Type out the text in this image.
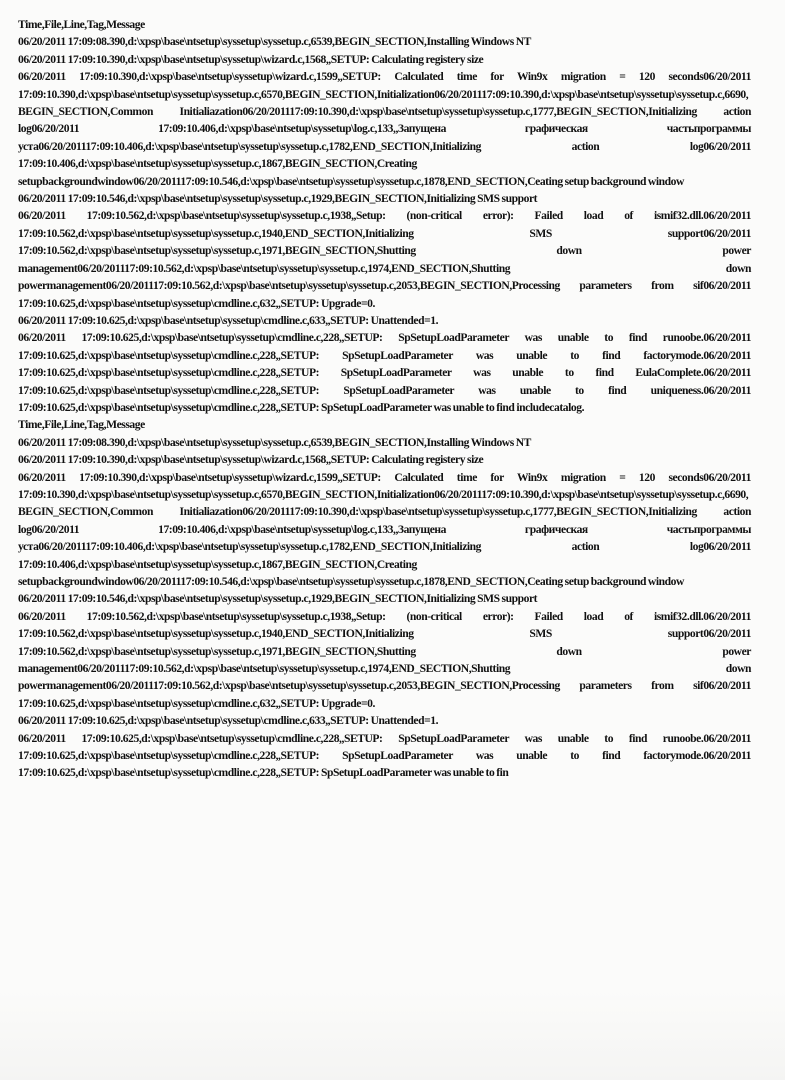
Time,File,Line,Tag,Message

06/20/2011 17:09:08.390,d:\xpsp\base\ntsetup\syssetup\syssetup.c,6539,BEGIN_SECTION,Installing Windows NT

06/20/2011 17:09:10.390,d:\xpsp\base\ntsetup\syssetup\wizard.c,1568,,SETUP: Calculating registery size

06/20/2011 17:09:10.390,d:\xpsp\base\ntsetup\syssetup\wizard.c,1599,,SETUP: Calculated time for Win9x migration = 120 seconds06/20/2011 17:09:10.390,d:\xpsp\base\ntsetup\syssetup\syssetup.c,6570,BEGIN_SECTION,Initialization06/20/201117:09:10.390,d:\xpsp\base\ntsetup\syssetup\syssetup.c,6690,BEGIN_SECTION,Common Initialiazation06/20/201117:09:10.390,d:\xpsp\base\ntsetup\syssetup\syssetup.c,1777,BEGIN_SECTION,Initializing action log06/20/2011 17:09:10.406,d:\xpsp\base\ntsetup\syssetup\log.c,133,,Запущена графическая частьпрограммы уста06/20/201117:09:10.406,d:\xpsp\base\ntsetup\syssetup\syssetup.c,1782,END_SECTION,Initializing action log06/20/2011 17:09:10.406,d:\xpsp\base\ntsetup\syssetup\syssetup.c,1867,BEGIN_SECTION,Creating setupbackgroundwindow06/20/201117:09:10.546,d:\xpsp\base\ntsetup\syssetup\syssetup.c,1878,END_SECTION,Ceating setup background window

06/20/2011 17:09:10.546,d:\xpsp\base\ntsetup\syssetup\syssetup.c,1929,BEGIN_SECTION,Initializing SMS support

06/20/2011 17:09:10.562,d:\xpsp\base\ntsetup\syssetup\syssetup.c,1938,,Setup: (non-critical error): Failed load of ismif32.dll.06/20/2011 17:09:10.562,d:\xpsp\base\ntsetup\syssetup\syssetup.c,1940,END_SECTION,Initializing SMS support06/20/2011 17:09:10.562,d:\xpsp\base\ntsetup\syssetup\syssetup.c,1971,BEGIN_SECTION,Shutting down power management06/20/201117:09:10.562,d:\xpsp\base\ntsetup\syssetup\syssetup.c,1974,END_SECTION,Shutting down powermanagement06/20/201117:09:10.562,d:\xpsp\base\ntsetup\syssetup\syssetup.c,2053,BEGIN_SECTION,Processing parameters from sif06/20/2011 17:09:10.625,d:\xpsp\base\ntsetup\syssetup\cmdline.c,632,,SETUP: Upgrade=0.

06/20/2011 17:09:10.625,d:\xpsp\base\ntsetup\syssetup\cmdline.c,633,,SETUP: Unattended=1.

06/20/2011 17:09:10.625,d:\xpsp\base\ntsetup\syssetup\cmdline.c,228,,SETUP: SpSetupLoadParameter was unable to find runoobe.06/20/2011 17:09:10.625,d:\xpsp\base\ntsetup\syssetup\cmdline.c,228,,SETUP: SpSetupLoadParameter was unable to find factorymode.06/20/2011 17:09:10.625,d:\xpsp\base\ntsetup\syssetup\cmdline.c,228,,SETUP: SpSetupLoadParameter was unable to find EulaComplete.06/20/2011 17:09:10.625,d:\xpsp\base\ntsetup\syssetup\cmdline.c,228,,SETUP: SpSetupLoadParameter was unable to find uniqueness.06/20/2011 17:09:10.625,d:\xpsp\base\ntsetup\syssetup\cmdline.c,228,,SETUP: SpSetupLoadParameter was unable to find includecatalog.

Time,File,Line,Tag,Message

06/20/2011 17:09:08.390,d:\xpsp\base\ntsetup\syssetup\syssetup.c,6539,BEGIN_SECTION,Installing Windows NT

06/20/2011 17:09:10.390,d:\xpsp\base\ntsetup\syssetup\wizard.c,1568,,SETUP: Calculating registery size

06/20/2011 17:09:10.390,d:\xpsp\base\ntsetup\syssetup\wizard.c,1599,,SETUP: Calculated time for Win9x migration = 120 seconds06/20/2011 17:09:10.390,d:\xpsp\base\ntsetup\syssetup\syssetup.c,6570,BEGIN_SECTION,Initialization06/20/201117:09:10.390,d:\xpsp\base\ntsetup\syssetup\syssetup.c,6690,BEGIN_SECTION,Common Initialiazation06/20/201117:09:10.390,d:\xpsp\base\ntsetup\syssetup\syssetup.c,1777,BEGIN_SECTION,Initializing action log06/20/2011 17:09:10.406,d:\xpsp\base\ntsetup\syssetup\log.c,133,,Запущена графическая частьпрограммы уста06/20/201117:09:10.406,d:\xpsp\base\ntsetup\syssetup\syssetup.c,1782,END_SECTION,Initializing action log06/20/2011 17:09:10.406,d:\xpsp\base\ntsetup\syssetup\syssetup.c,1867,BEGIN_SECTION,Creating setupbackgroundwindow06/20/201117:09:10.546,d:\xpsp\base\ntsetup\syssetup\syssetup.c,1878,END_SECTION,Ceating setup background window

06/20/2011 17:09:10.546,d:\xpsp\base\ntsetup\syssetup\syssetup.c,1929,BEGIN_SECTION,Initializing SMS support

06/20/2011 17:09:10.562,d:\xpsp\base\ntsetup\syssetup\syssetup.c,1938,,Setup: (non-critical error): Failed load of ismif32.dll.06/20/2011 17:09:10.562,d:\xpsp\base\ntsetup\syssetup\syssetup.c,1940,END_SECTION,Initializing SMS support06/20/2011 17:09:10.562,d:\xpsp\base\ntsetup\syssetup\syssetup.c,1971,BEGIN_SECTION,Shutting down power management06/20/201117:09:10.562,d:\xpsp\base\ntsetup\syssetup\syssetup.c,1974,END_SECTION,Shutting down powermanagement06/20/201117:09:10.562,d:\xpsp\base\ntsetup\syssetup\syssetup.c,2053,BEGIN_SECTION,Processing parameters from sif06/20/2011 17:09:10.625,d:\xpsp\base\ntsetup\syssetup\cmdline.c,632,,SETUP: Upgrade=0.

06/20/2011 17:09:10.625,d:\xpsp\base\ntsetup\syssetup\cmdline.c,633,,SETUP: Unattended=1.

06/20/2011 17:09:10.625,d:\xpsp\base\ntsetup\syssetup\cmdline.c,228,,SETUP: SpSetupLoadParameter was unable to find runoobe.06/20/2011 17:09:10.625,d:\xpsp\base\ntsetup\syssetup\cmdline.c,228,,SETUP: SpSetupLoadParameter was unable to find factorymode.06/20/2011 17:09:10.625,d:\xpsp\base\ntsetup\syssetup\cmdline.c,228,,SETUP: SpSetupLoadParameter was unable to fin
